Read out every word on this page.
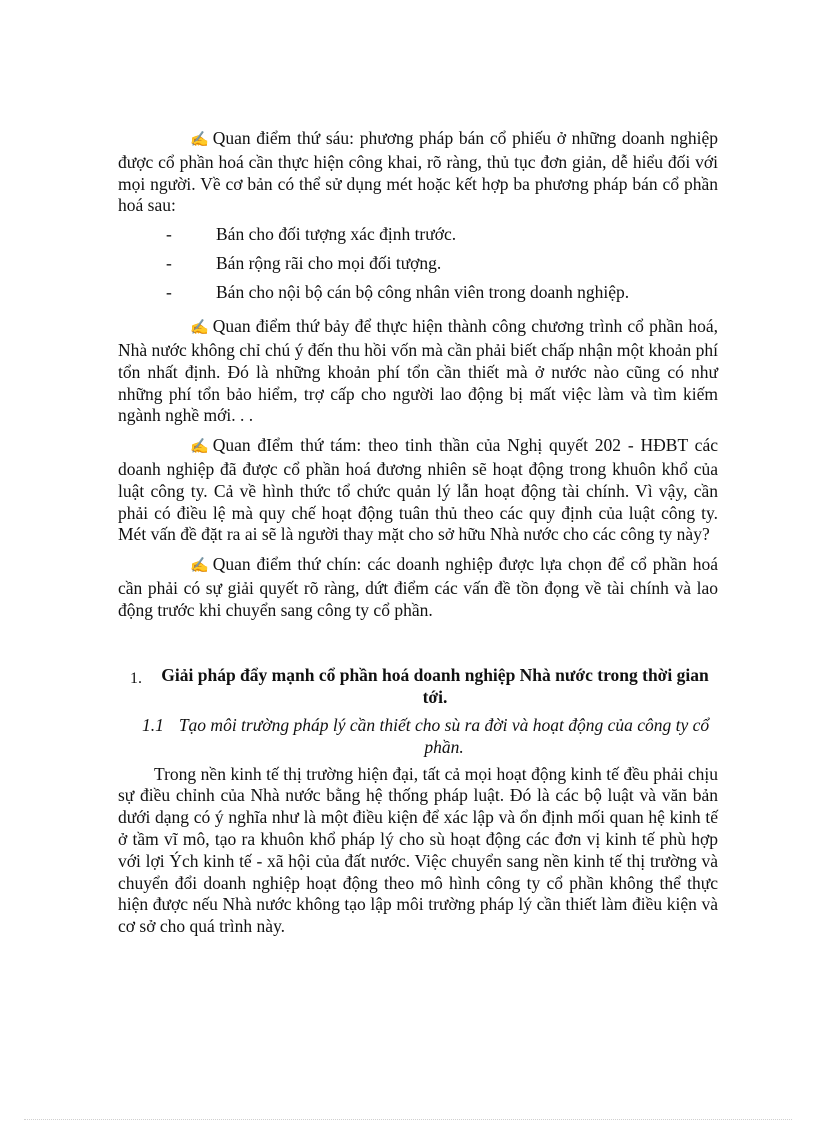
✍ Quan điểm thứ sáu: phương pháp bán cổ phiếu ở những doanh nghiệp được cổ phần hoá cần thực hiện công khai, rõ ràng, thủ tục đơn giản, dễ hiểu đối với mọi người. Về cơ bản có thể sử dụng mét hoặc kết hợp ba phương pháp bán cổ phần hoá sau:

-	Bán cho đối tượng xác định trước.
-	Bán rộng rãi cho mọi đối tượng.
-	Bán cho nội bộ cán bộ công nhân viên trong doanh nghiệp.

✍ Quan điểm thứ bảy để thực hiện thành công chương trình cổ phần hoá, Nhà nước không chỉ chú ý đến thu hồi vốn mà cần phải biết chấp nhận một khoản phí tổn nhất định. Đó là những khoản phí tổn cần thiết mà ở nước nào cũng có như những phí tổn bảo hiểm, trợ cấp cho người lao động bị mất việc làm và tìm kiếm ngành nghề mới. . .

✍ Quan đIểm thứ tám: theo tinh thần của Nghị quyết 202 - HĐBT các doanh nghiệp đã được cổ phần hoá đương nhiên sẽ hoạt động trong khuôn khổ của luật công ty. Cả về hình thức tổ chức quản lý lẫn hoạt động tài chính. Vì vậy, cần phải có điều lệ mà quy chế hoạt động tuân thủ theo các quy định của luật công ty. Mét vấn đề đặt ra ai sẽ là người thay mặt cho sở hữu Nhà nước cho các công ty này?

✍ Quan điểm thứ chín: các doanh nghiệp được lựa chọn để cổ phần hoá cần phải có sự giải quyết rõ ràng, dứt điểm các vấn đề tồn đọng về tài chính và lao động trước khi chuyển sang công ty cổ phần.

1.	Giải pháp đẩy mạnh cổ phần hoá doanh nghiệp Nhà nước trong thời gian tới.
1.1 Tạo môi trường pháp lý cần thiết cho sù ra đời và hoạt động của công ty cổ phần.

Trong nền kinh tế thị trường hiện đại, tất cả mọi hoạt động kinh tế đều phải chịu sự điều chỉnh của Nhà nước bằng hệ thống pháp luật. Đó là các bộ luật và văn bản dưới dạng có ý nghĩa như là một điều kiện để xác lập và ổn định mối quan hệ kinh tế ở tầm vĩ mô, tạo ra khuôn khổ pháp lý cho sù hoạt động các đơn vị kinh tế phù hợp với lợi Ých kinh tế - xã hội của đất nước. Việc chuyển sang nền kinh tế thị trường và chuyển đổi doanh nghiệp hoạt động theo mô hình công ty cổ phần không thể thực hiện được nếu Nhà nước không tạo lập môi trường pháp lý cần thiết làm điều kiện và cơ sở cho quá trình này.
